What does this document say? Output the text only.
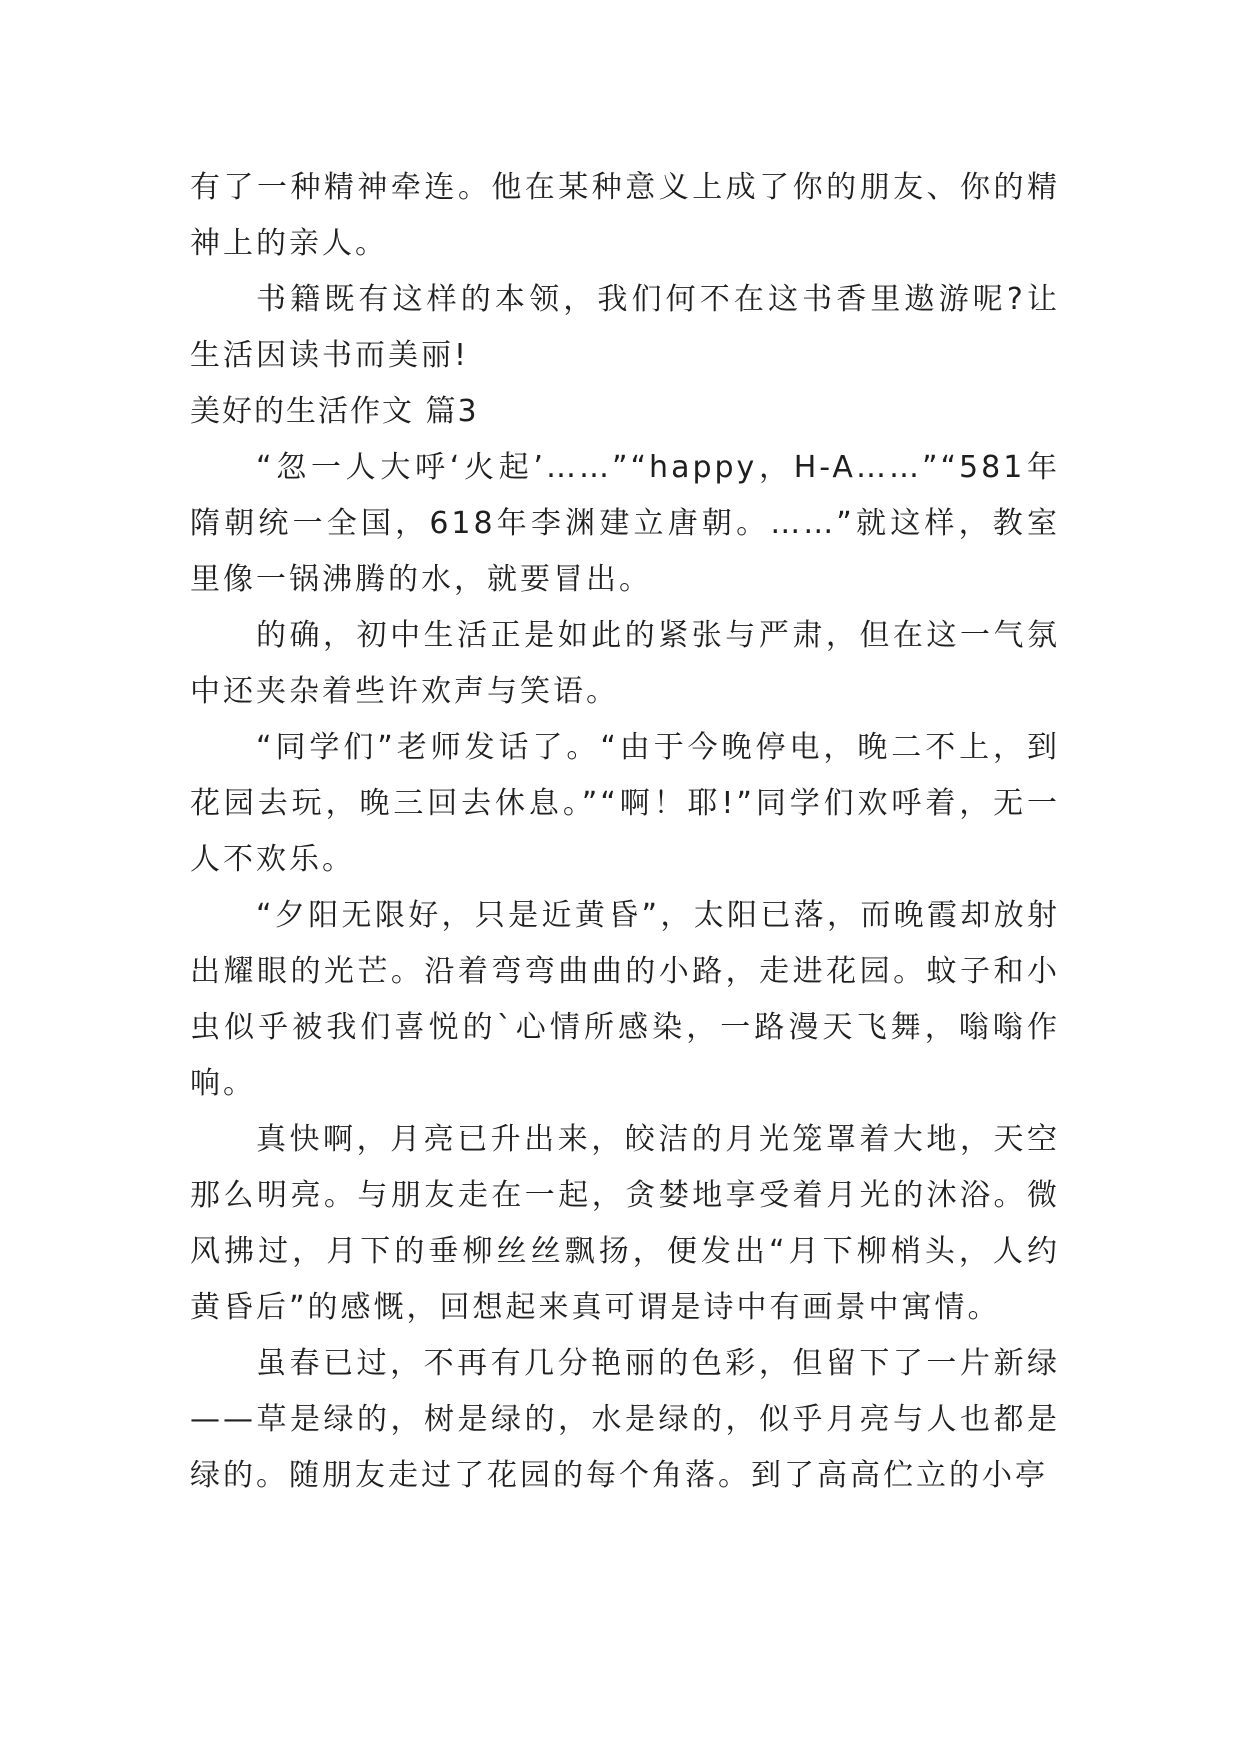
有了一种精神牵连。他在某种意义上成了你的朋友、你的精神上的亲人。

书籍既有这样的本领，我们何不在这书香里遨游呢?让生活因读书而美丽!

美好的生活作文 篇3

“忽一人大呼‘火起’……”“happy，H-A……”“581年隋朝统一全国，618年李渊建立唐朝。……”就这样，教室里像一锅沸腾的水，就要冒出。

的确，初中生活正是如此的紧张与严肃，但在这一气氛中还夹杂着些许欢声与笑语。

“同学们”老师发话了。“由于今晚停电，晚二不上，到花园去玩，晚三回去休息。”“啊！耶!”同学们欢呼着，无一人不欢乐。

“夕阳无限好，只是近黄昏”，太阳已落，而晚霞却放射出耀眼的光芒。沿着弯弯曲曲的小路，走进花园。蚊子和小虫似乎被我们喜悦的`心情所感染，一路漫天飞舞，嗡嗡作响。

真快啊，月亮已升出来，皎洁的月光笼罩着大地，天空那么明亮。与朋友走在一起，贪婪地享受着月光的沐浴。微风拂过，月下的垂柳丝丝飘扬，便发出“月下柳梢头，人约黄昏后”的感慨，回想起来真可谓是诗中有画景中寓情。

虽春已过，不再有几分艳丽的色彩，但留下了一片新绿——草是绿的，树是绿的，水是绿的，似乎月亮与人也都是绿的。随朋友走过了花园的每个角落。到了高高伫立的小亭
